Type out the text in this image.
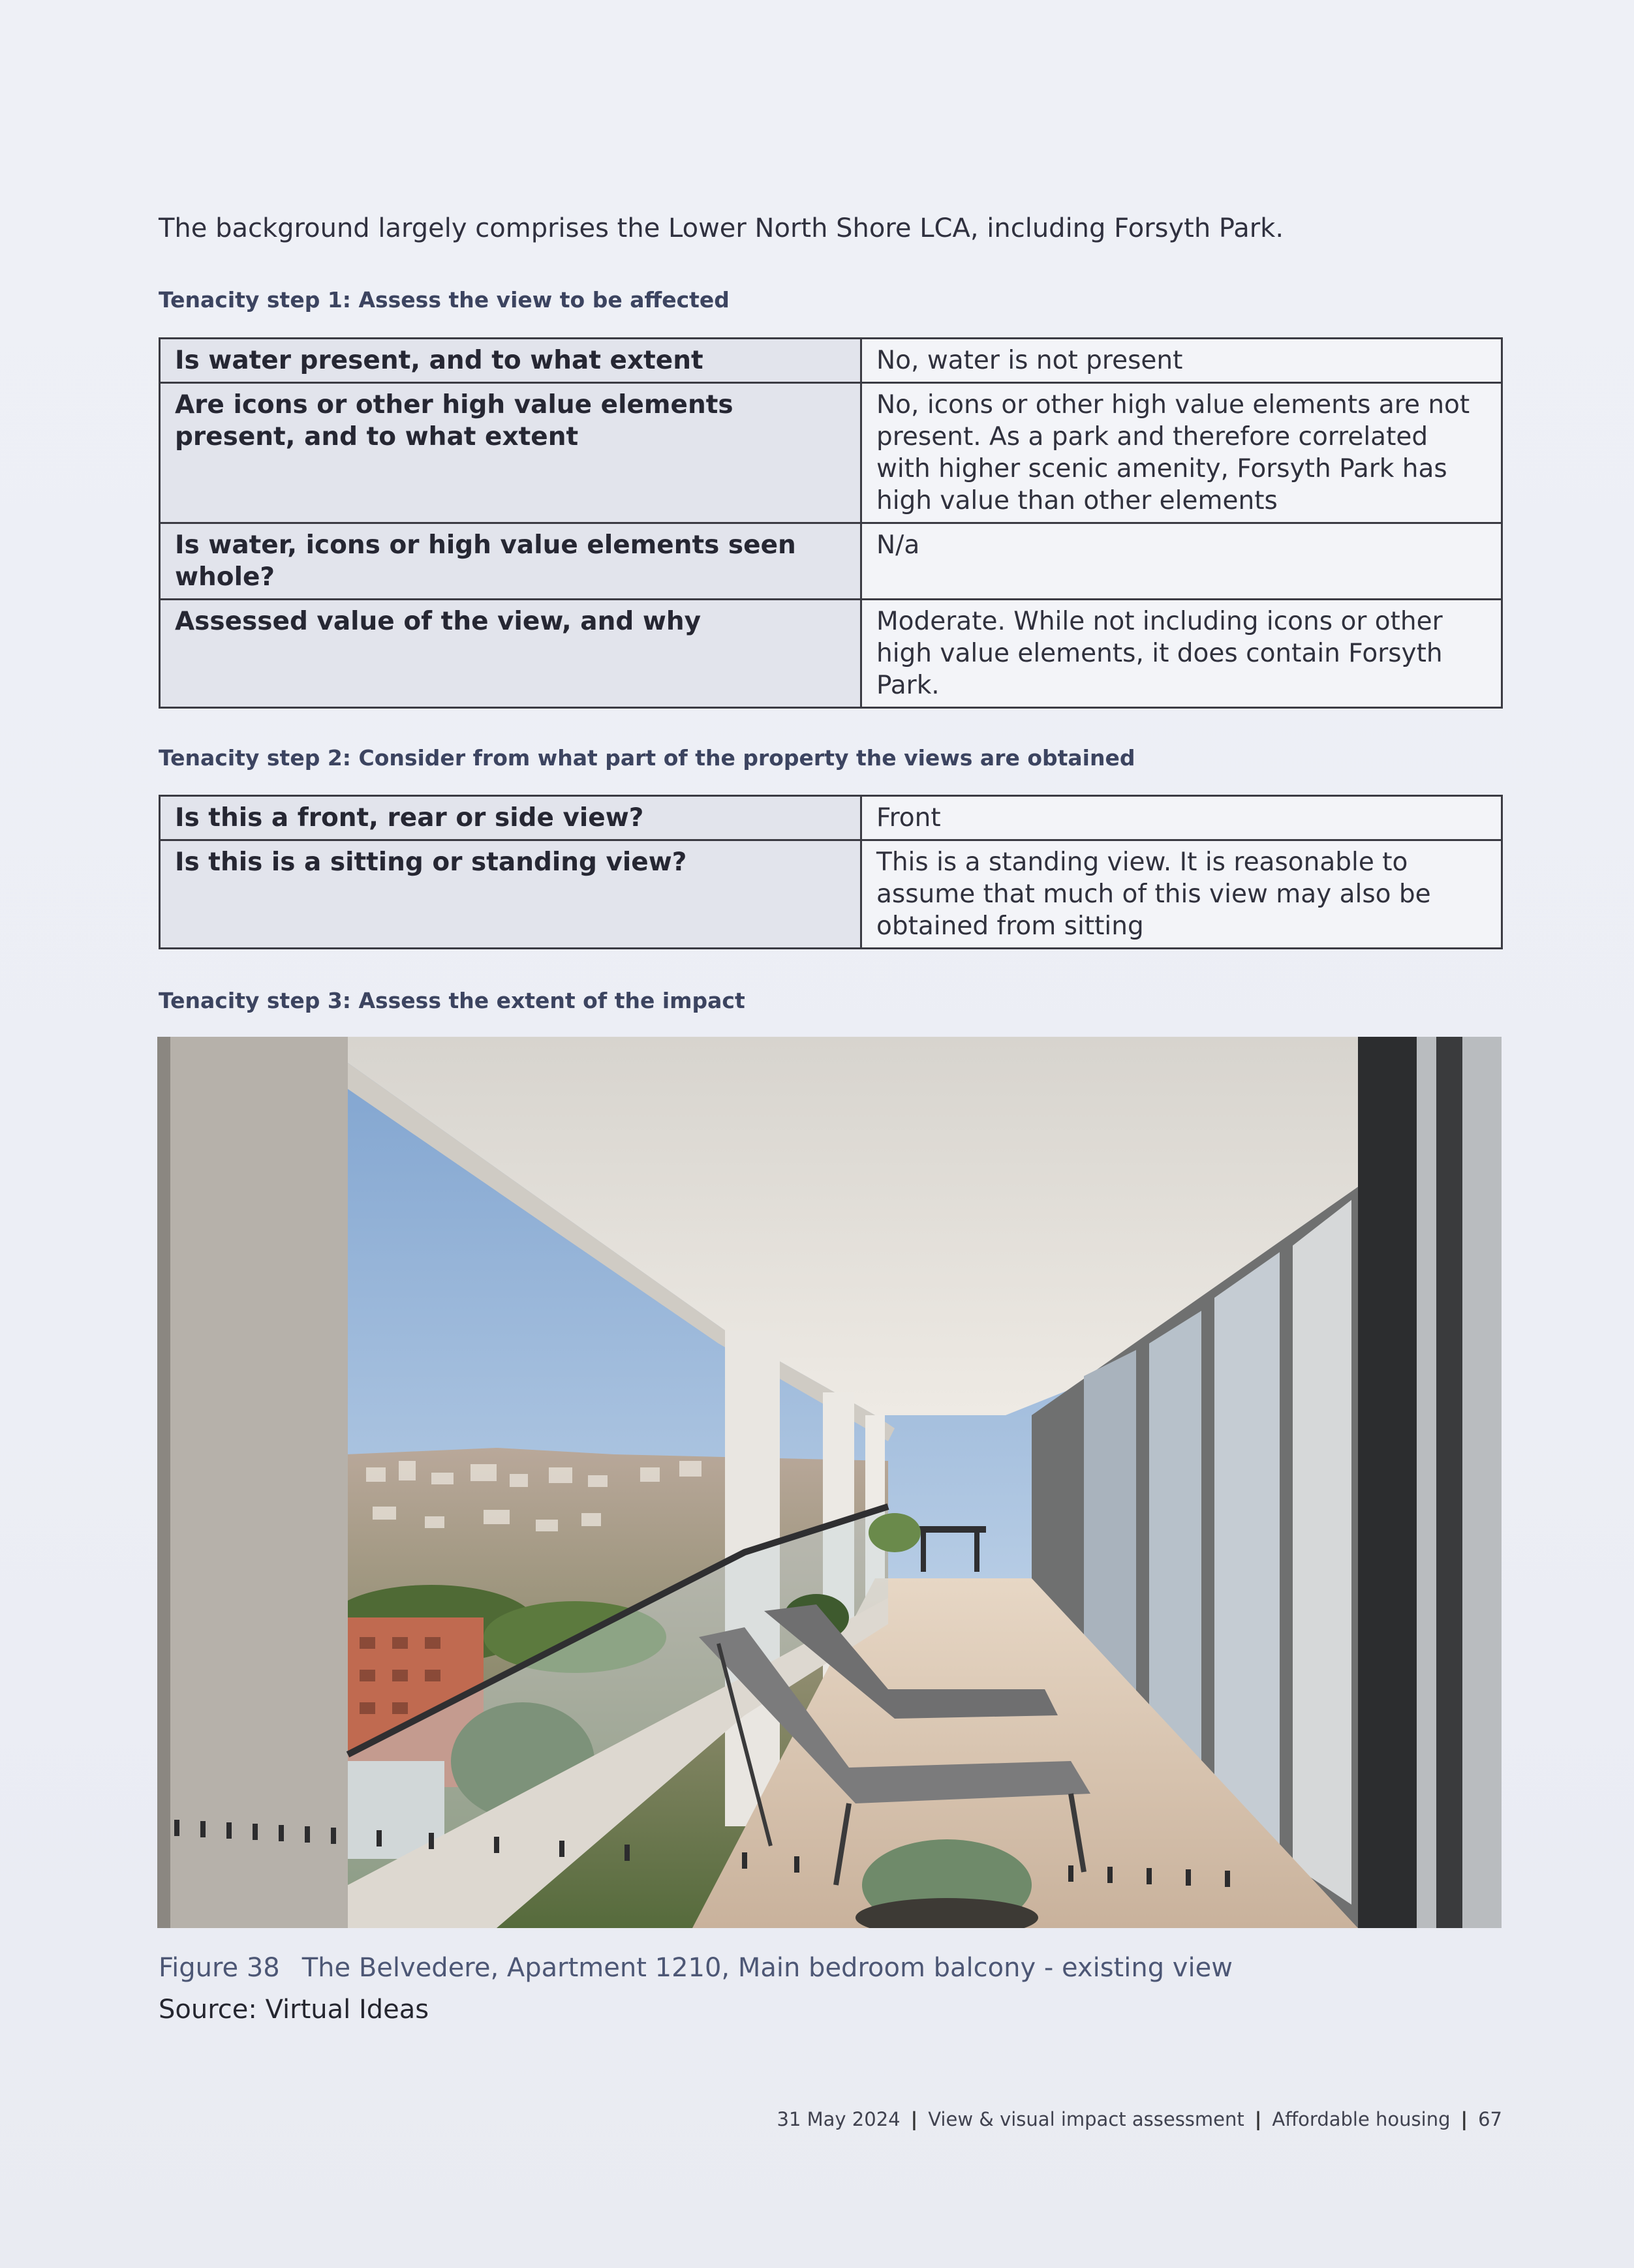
The background largely comprises the Lower North Shore LCA, including Forsyth Park.

Tenacity step 1: Assess the view to be affected
Is water present, and to what extent	No, water is not present
Are icons or other high value elements present, and to what extent	No, icons or other high value elements are not present. As a park and therefore correlated with higher scenic amenity, Forsyth Park has high value than other elements
Is water, icons or high value elements seen whole?	N/a
Assessed value of the view, and why	Moderate. While not including icons or other high value elements, it does contain Forsyth Park.
Tenacity step 2: Consider from what part of the property the views are obtained
Is this a front, rear or side view?	Front
Is this is a sitting or standing view?	This is a standing view. It is reasonable to assume that much of this view may also be obtained from sitting
Tenacity step 3: Assess the extent of the impact
Figure 38 The Belvedere, Apartment 1210, Main bedroom balcony - existing view
Source: Virtual Ideas
31 May 2024 | View & visual impact assessment | Affordable housing | 67
